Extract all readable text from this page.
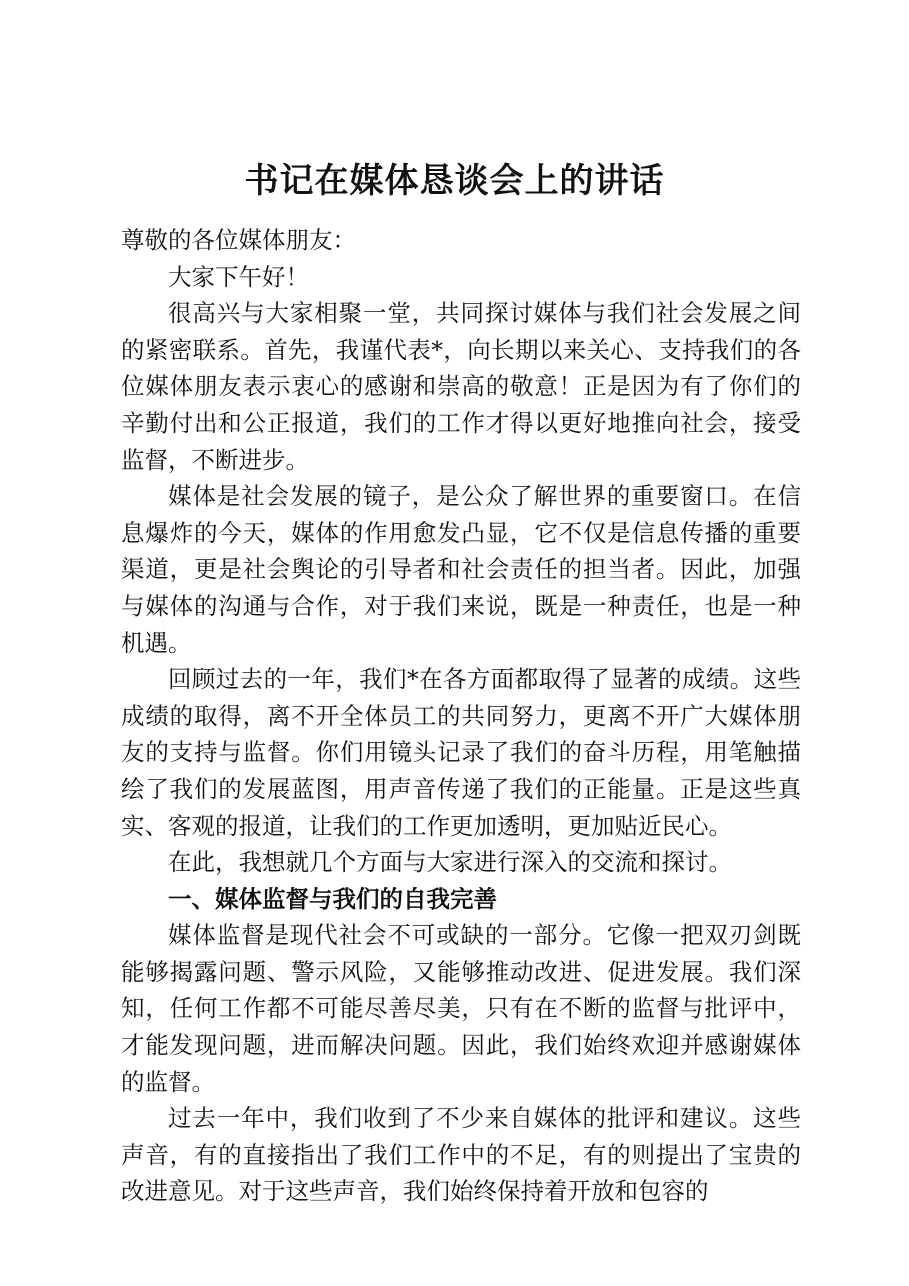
书记在媒体恳谈会上的讲话

尊敬的各位媒体朋友：

大家下午好！

很高兴与大家相聚一堂，共同探讨媒体与我们社会发展之间的紧密联系。首先，我谨代表*，向长期以来关心、支持我们的各位媒体朋友表示衷心的感谢和崇高的敬意！正是因为有了你们的辛勤付出和公正报道，我们的工作才得以更好地推向社会，接受监督，不断进步。

媒体是社会发展的镜子，是公众了解世界的重要窗口。在信息爆炸的今天，媒体的作用愈发凸显，它不仅是信息传播的重要渠道，更是社会舆论的引导者和社会责任的担当者。因此，加强与媒体的沟通与合作，对于我们来说，既是一种责任，也是一种机遇。

回顾过去的一年，我们*在各方面都取得了显著的成绩。这些成绩的取得，离不开全体员工的共同努力，更离不开广大媒体朋友的支持与监督。你们用镜头记录了我们的奋斗历程，用笔触描绘了我们的发展蓝图，用声音传递了我们的正能量。正是这些真实、客观的报道，让我们的工作更加透明，更加贴近民心。

在此，我想就几个方面与大家进行深入的交流和探讨。

一、媒体监督与我们的自我完善

媒体监督是现代社会不可或缺的一部分。它像一把双刃剑既能够揭露问题、警示风险，又能够推动改进、促进发展。我们深知，任何工作都不可能尽善尽美，只有在不断的监督与批评中，才能发现问题，进而解决问题。因此，我们始终欢迎并感谢媒体的监督。

过去一年中，我们收到了不少来自媒体的批评和建议。这些声音，有的直接指出了我们工作中的不足，有的则提出了宝贵的改进意见。对于这些声音，我们始终保持着开放和包容的
